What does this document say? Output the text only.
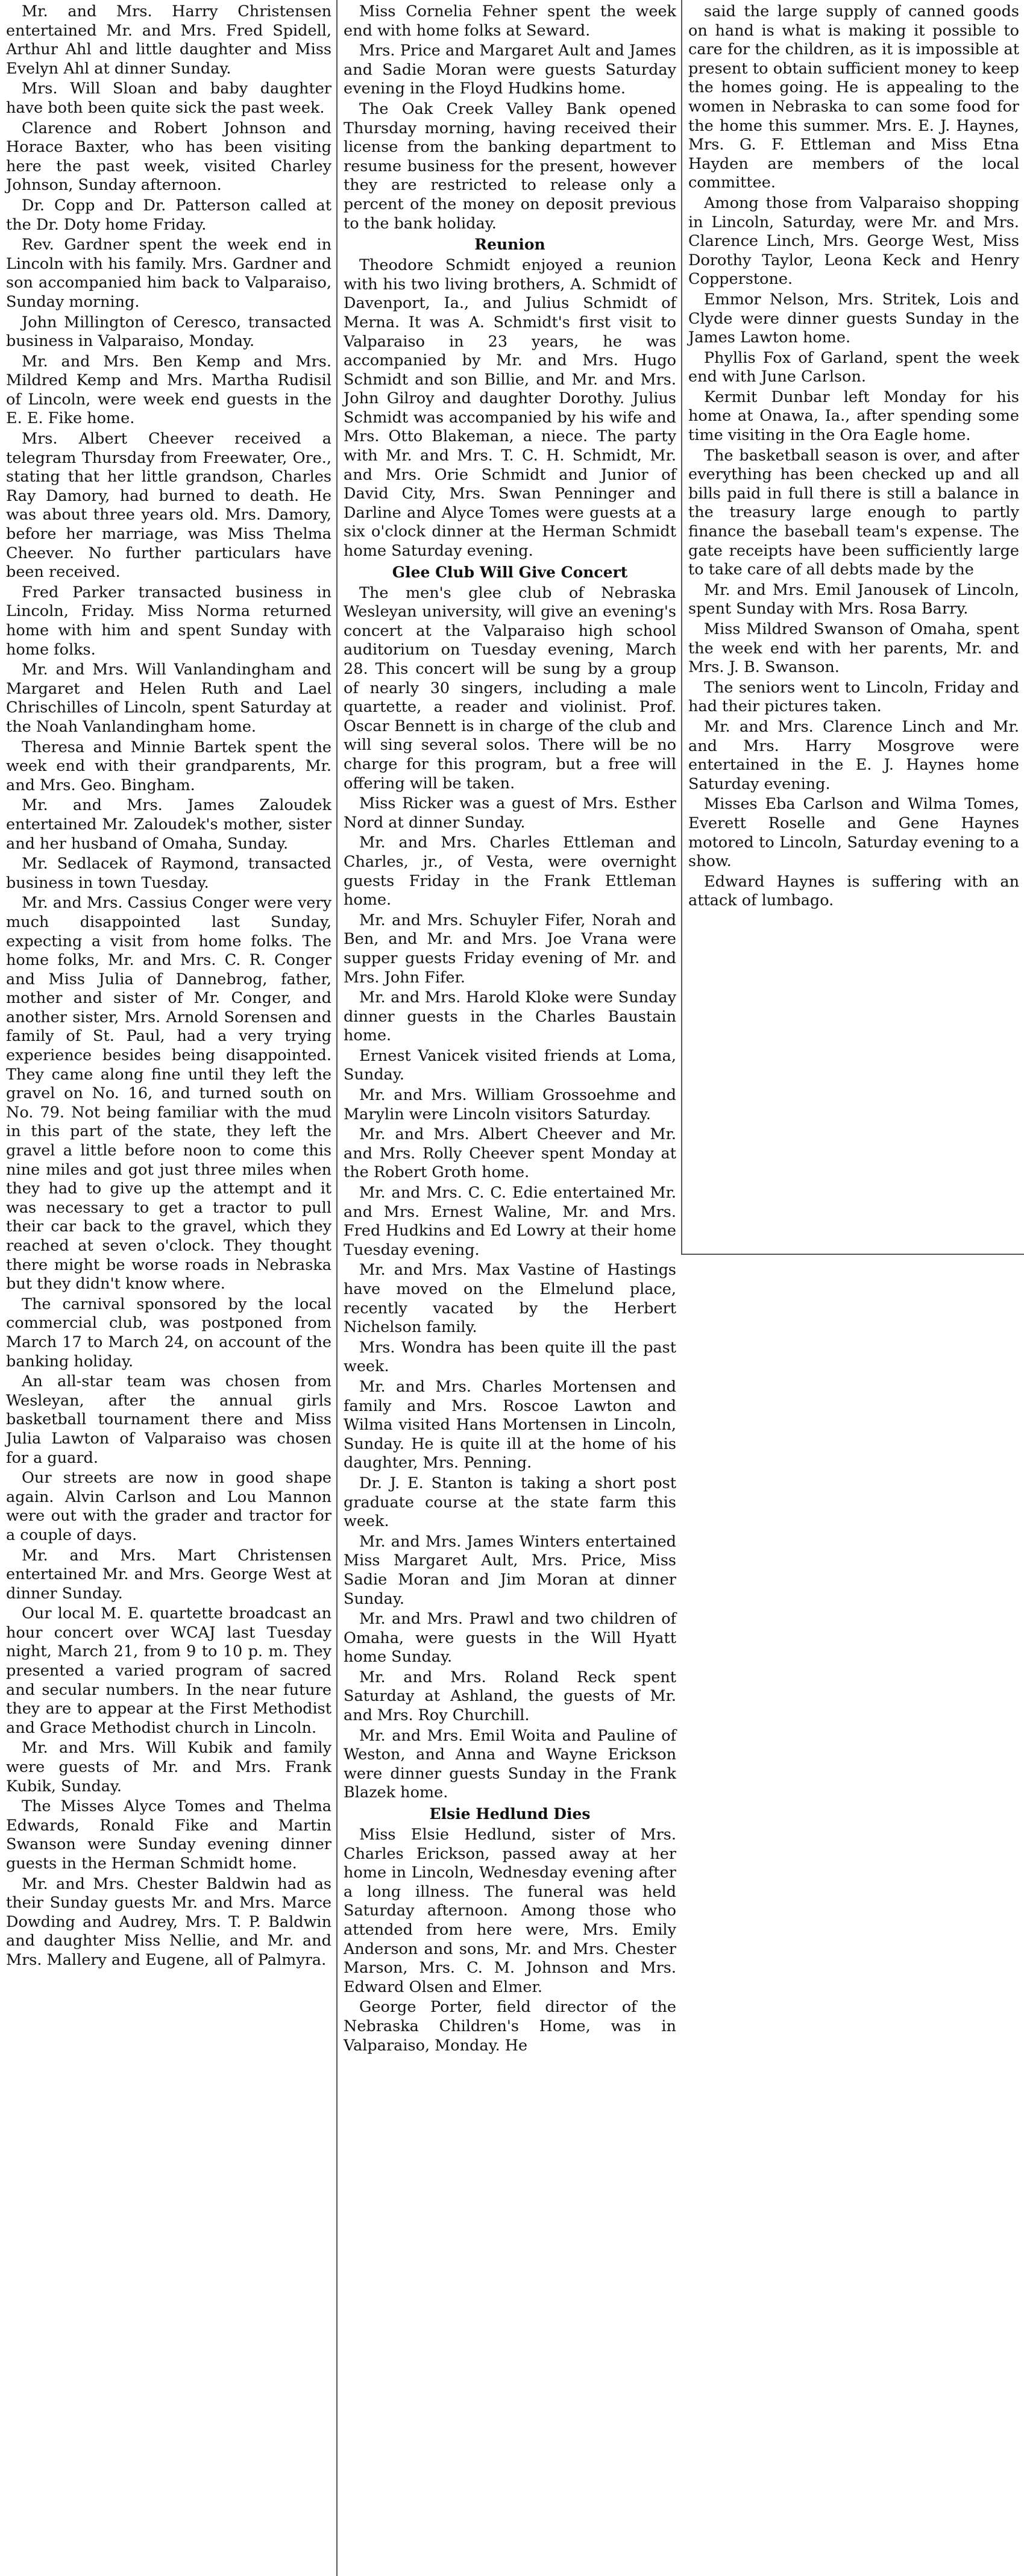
Mr. and Mrs. Harry Christensen entertained Mr. and Mrs. Fred Spidell, Arthur Ahl and little daughter and Miss Evelyn Ahl at dinner Sunday.

Mrs. Will Sloan and baby daughter have both been quite sick the past week.

Clarence and Robert Johnson and Horace Baxter, who has been visiting here the past week, visited Charley Johnson, Sunday afternoon.

Dr. Copp and Dr. Patterson called at the Dr. Doty home Friday.

Rev. Gardner spent the week end in Lincoln with his family. Mrs. Gardner and son accompanied him back to Valparaiso, Sunday morning.

John Millington of Ceresco, transacted business in Valparaiso, Monday.

Mr. and Mrs. Ben Kemp and Mrs. Mildred Kemp and Mrs. Martha Rudisil of Lincoln, were week end guests in the E. E. Fike home.

Mrs. Albert Cheever received a telegram Thursday from Freewater, Ore., stating that her little grandson, Charles Ray Damory, had burned to death. He was about three years old. Mrs. Damory, before her marriage, was Miss Thelma Cheever. No further particulars have been received.

Fred Parker transacted business in Lincoln, Friday. Miss Norma returned home with him and spent Sunday with home folks.

Mr. and Mrs. Will Vanlandingham and Margaret and Helen Ruth and Lael Chrischilles of Lincoln, spent Saturday at the Noah Vanlandingham home.

Theresa and Minnie Bartek spent the week end with their grandparents, Mr. and Mrs. Geo. Bingham.

Mr. and Mrs. James Zaloudek entertained Mr. Zaloudek's mother, sister and her husband of Omaha, Sunday.

Mr. Sedlacek of Raymond, transacted business in town Tuesday.

Mr. and Mrs. Cassius Conger were very much disappointed last Sunday, expecting a visit from home folks. The home folks, Mr. and Mrs. C. R. Conger and Miss Julia of Dannebrog, father, mother and sister of Mr. Conger, and another sister, Mrs. Arnold Sorensen and family of St. Paul, had a very trying experience besides being disappointed. They came along fine until they left the gravel on No. 16, and turned south on No. 79. Not being familiar with the mud in this part of the state, they left the gravel a little before noon to come this nine miles and got just three miles when they had to give up the attempt and it was necessary to get a tractor to pull their car back to the gravel, which they reached at seven o'clock. They thought there might be worse roads in Nebraska but they didn't know where.

The carnival sponsored by the local commercial club, was postponed from March 17 to March 24, on account of the banking holiday.

An all-star team was chosen from Wesleyan, after the annual girls basketball tournament there and Miss Julia Lawton of Valparaiso was chosen for a guard.

Our streets are now in good shape again. Alvin Carlson and Lou Mannon were out with the grader and tractor for a couple of days.

Mr. and Mrs. Mart Christensen entertained Mr. and Mrs. George West at dinner Sunday.

Our local M. E. quartette broadcast an hour concert over WCAJ last Tuesday night, March 21, from 9 to 10 p. m. They presented a varied program of sacred and secular numbers. In the near future they are to appear at the First Methodist and Grace Methodist church in Lincoln.

Mr. and Mrs. Will Kubik and family were guests of Mr. and Mrs. Frank Kubik, Sunday.

The Misses Alyce Tomes and Thelma Edwards, Ronald Fike and Martin Swanson were Sunday evening dinner guests in the Herman Schmidt home.

Mr. and Mrs. Chester Baldwin had as their Sunday guests Mr. and Mrs. Marce Dowding and Audrey, Mrs. T. P. Baldwin and daughter Miss Nellie, and Mr. and Mrs. Mallery and Eugene, all of Palmyra.

Miss Cornelia Fehner spent the week end with home folks at Seward.

Mrs. Price and Margaret Ault and James and Sadie Moran were guests Saturday evening in the Floyd Hudkins home.

The Oak Creek Valley Bank opened Thursday morning, having received their license from the banking department to resume business for the present, however they are restricted to release only a percent of the money on deposit previous to the bank holiday.

Reunion

Theodore Schmidt enjoyed a reunion with his two living brothers, A. Schmidt of Davenport, Ia., and Julius Schmidt of Merna. It was A. Schmidt's first visit to Valparaiso in 23 years, he was accompanied by Mr. and Mrs. Hugo Schmidt and son Billie, and Mr. and Mrs. John Gilroy and daughter Dorothy. Julius Schmidt was accompanied by his wife and Mrs. Otto Blakeman, a niece. The party with Mr. and Mrs. T. C. H. Schmidt, Mr. and Mrs. Orie Schmidt and Junior of David City, Mrs. Swan Penninger and Darline and Alyce Tomes were guests at a six o'clock dinner at the Herman Schmidt home Saturday evening.

Glee Club Will Give Concert

The men's glee club of Nebraska Wesleyan university, will give an evening's concert at the Valparaiso high school auditorium on Tuesday evening, March 28. This concert will be sung by a group of nearly 30 singers, including a male quartette, a reader and violinist. Prof. Oscar Bennett is in charge of the club and will sing several solos. There will be no charge for this program, but a free will offering will be taken.

Miss Ricker was a guest of Mrs. Esther Nord at dinner Sunday.

Mr. and Mrs. Charles Ettleman and Charles, jr., of Vesta, were overnight guests Friday in the Frank Ettleman home.

Mr. and Mrs. Schuyler Fifer, Norah and Ben, and Mr. and Mrs. Joe Vrana were supper guests Friday evening of Mr. and Mrs. John Fifer.

Mr. and Mrs. Harold Kloke were Sunday dinner guests in the Charles Baustain home.

Ernest Vanicek visited friends at Loma, Sunday.

Mr. and Mrs. William Grossoehme and Marylin were Lincoln visitors Saturday.

Mr. and Mrs. Albert Cheever and Mr. and Mrs. Rolly Cheever spent Monday at the Robert Groth home.

Mr. and Mrs. C. C. Edie entertained Mr. and Mrs. Ernest Waline, Mr. and Mrs. Fred Hudkins and Ed Lowry at their home Tuesday evening.

Mr. and Mrs. Max Vastine of Hastings have moved on the Elmelund place, recently vacated by the Herbert Nichelson family.

Mrs. Wondra has been quite ill the past week.

Mr. and Mrs. Charles Mortensen and family and Mrs. Roscoe Lawton and Wilma visited Hans Mortensen in Lincoln, Sunday. He is quite ill at the home of his daughter, Mrs. Penning.

Dr. J. E. Stanton is taking a short post graduate course at the state farm this week.

Mr. and Mrs. James Winters entertained Miss Margaret Ault, Mrs. Price, Miss Sadie Moran and Jim Moran at dinner Sunday.

Mr. and Mrs. Prawl and two children of Omaha, were guests in the Will Hyatt home Sunday.

Mr. and Mrs. Roland Reck spent Saturday at Ashland, the guests of Mr. and Mrs. Roy Churchill.

Mr. and Mrs. Emil Woita and Pauline of Weston, and Anna and Wayne Erickson were dinner guests Sunday in the Frank Blazek home.

Elsie Hedlund Dies

Miss Elsie Hedlund, sister of Mrs. Charles Erickson, passed away at her home in Lincoln, Wednesday evening after a long illness. The funeral was held Saturday afternoon. Among those who attended from here were, Mrs. Emily Anderson and sons, Mr. and Mrs. Chester Marson, Mrs. C. M. Johnson and Mrs. Edward Olsen and Elmer.

George Porter, field director of the Nebraska Children's Home, was in Valparaiso, Monday. He

said the large supply of canned goods on hand is what is making it possible to care for the children, as it is impossible at present to obtain sufficient money to keep the homes going. He is appealing to the women in Nebraska to can some food for the home this summer. Mrs. E. J. Haynes, Mrs. G. F. Ettleman and Miss Etna Hayden are members of the local committee.

Among those from Valparaiso shopping in Lincoln, Saturday, were Mr. and Mrs. Clarence Linch, Mrs. George West, Miss Dorothy Taylor, Leona Keck and Henry Copperstone.

Emmor Nelson, Mrs. Stritek, Lois and Clyde were dinner guests Sunday in the James Lawton home.

Phyllis Fox of Garland, spent the week end with June Carlson.

Kermit Dunbar left Monday for his home at Onawa, Ia., after spending some time visiting in the Ora Eagle home.

The basketball season is over, and after everything has been checked up and all bills paid in full there is still a balance in the treasury large enough to partly finance the baseball team's expense. The gate receipts have been sufficiently large to take care of all debts made by the

Mr. and Mrs. Emil Janousek of Lincoln, spent Sunday with Mrs. Rosa Barry.

Miss Mildred Swanson of Omaha, spent the week end with her parents, Mr. and Mrs. J. B. Swanson.

The seniors went to Lincoln, Friday and had their pictures taken.

Mr. and Mrs. Clarence Linch and Mr. and Mrs. Harry Mosgrove were entertained in the E. J. Haynes home Saturday evening.

Misses Eba Carlson and Wilma Tomes, Everett Roselle and Gene Haynes motored to Lincoln, Saturday evening to a show.

Edward Haynes is suffering with an attack of lumbago.
